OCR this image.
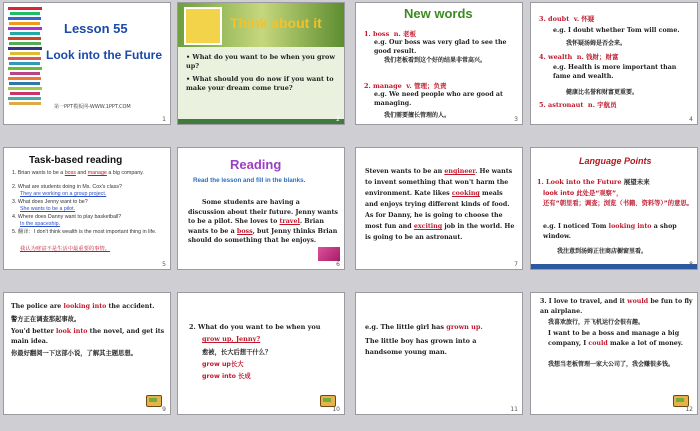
Lesson 55
Look into the Future
第一PPT模板网-WWW.1PPT.COM
1
Think about it
• What do you want to be when you grow up?
• What should you do now if you want to make your dream come true?
2
New words
1. boss n. 老板
e.g. Our boss was very glad to see the good result.
我们老板看到这个好的结果非常高兴。
2. manage v. 管理；负责
e.g. We need people who are good at managing.
我们需要擅长管理的人。
3
3. doubt v. 怀疑
e.g. I doubt whether Tom will come.
我怀疑汤姆是否会来。
4. wealth n. 钱财；财富
e.g. Health is more important than fame and wealth.
健康比名誉和财富更重要。
5. astronaut n. 宇航员
4
Task-based reading
1. Brian wants to be a boss and manage a big company.
2. What are students doing in Ms. Cox's class?
They are working on a group project.
3. What does Jenny want to be?
She wants to be a pilot.
4. Where does Danny want to play basketball?
In the spaceship.
5. 翻译：I don't think wealth is the most important thing in life.
我认为财富不是生活中最重要的事情。
5
Reading
Read the lesson and fill in the blanks.
Some students are having a discussion about their future. Jenny wants to be a pilot. She loves to travel. Brian wants to be a boss, but Jenny thinks Brian should do something that he enjoys.
6
Steven wants to be an engineer. He wants to invent something that won't harm the environment. Kate likes cooking meals and enjoys trying different kinds of food. As for Danny, he is going to choose the most fun and exciting job in the world. He is going to be an astronaut.
7
Language Points
1. Look into the Future 展望未来
look into 此处是“观察”，
还有“朝里看；调查；浏览（书籍、资料等）”的意思。
e.g. I noticed Tom looking into a shop window.
我注意到汤姆正往商店橱窗里看。
8
The police are looking into the accident.
警方正在调查那起事故。
You'd better look into the novel, and get its main idea.
你最好翻阅一下这部小说，了解其主题思想。
9
2. What do you want to be when you
grow up, Jenny?
愈被，长大后想干什么？
grow up长大
grow into 长成
10
e.g. The little girl has grown up.
The little boy has grown into a handsome young man.
11
3. I love to travel, and it would be fun to fly an airplane.
我喜欢旅行，开飞机运行会很有趣。
I want to be a boss and manage a big company, I could make a lot of money.
我想当老板管理一家大公司了，我会赚很多钱。
12
